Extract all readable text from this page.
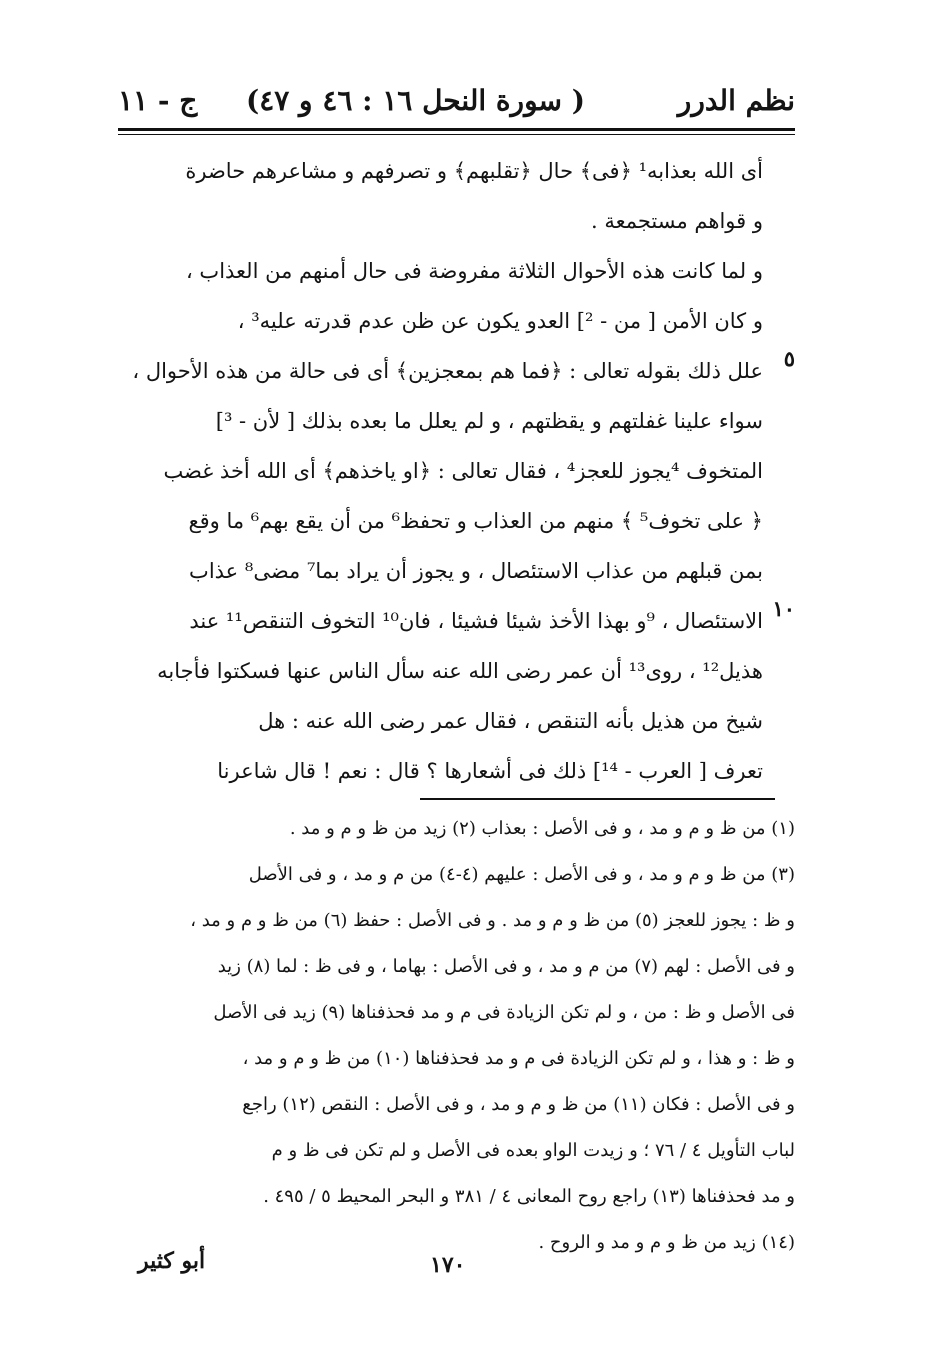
نظم الدرر
( سورة النحل ١٦ : ٤٦ و ٤٧)
ج - ١١
أى الله بعذابه¹ ﴿فى﴾ حال ﴿تقلبهم﴾ و تصرفهم و مشاعرهم حاضرة
و قواهم مستجمعة .
و لما كانت هذه الأحوال الثلاثة مفروضة فى حال أمنهم من العذاب ،
و كان الأمن [ من - ²] العدو يكون عن ظن عدم قدرته عليه³ ،
علل ذلك بقوله تعالى : ﴿فما هم بمعجزين﴾ أى فى حالة من هذه الأحوال ،
سواء علينا غفلتهم و يقظتهم ، و لم يعلل ما بعده بذلك [ لأن - ³]
المتخوف ⁴يجوز للعجز⁴ ، فقال تعالى : ﴿او ياخذهم﴾ أى الله أخذ غضب
﴿ على تخوف⁵ ﴾ منهم من العذاب و تحفظ⁶ من أن يقع بهم⁶ ما وقع
بمن قبلهم من عذاب الاستئصال ، و يجوز أن يراد بما⁷ مضى⁸ عذاب
الاستئصال ، ⁹و بهذا الأخذ شيئا فشيئا ، فان¹⁰ التخوف التنقص¹¹ عند
هذيل¹² ، روى¹³ أن عمر رضى الله عنه سأل الناس عنها فسكتوا فأجابه
شيخ من هذيل بأنه التنقص ، فقال عمر رضى الله عنه : هل
تعرف [ العرب - ¹⁴] ذلك فى أشعارها ؟ قال : نعم ! قال شاعرنا
٥
١٠
(١) من ظ و م و مد ، و فى الأصل : بعذاب (٢) زيد من ظ و م و مد .
(٣) من ظ و م و مد ، و فى الأصل : عليهم (٤-٤) من م و مد ، و فى الأصل
و ظ : يجوز للعجز (٥) من ظ و م و مد . و فى الأصل : حفظ (٦) من ظ و م و مد ،
و فى الأصل : لهم (٧) من م و مد ، و فى الأصل : بهاما ، و فى ظ : لما (٨) زيد
فى الأصل و ظ : من ، و لم تكن الزيادة فى م و مد فحذفناها (٩) زيد فى الأصل
و ظ : و هذا ، و لم تكن الزيادة فى م و مد فحذفناها (١٠) من ظ و م و مد ،
و فى الأصل : فكان (١١) من ظ و م و مد ، و فى الأصل : النقص (١٢) راجع
لباب التأويل ٤ / ٧٦ ؛ و زيدت الواو بعده فى الأصل و لم تكن فى ظ و م
و مد فحذفناها (١٣) راجع روح المعانى ٤ / ٣٨١ و البحر المحيط ٥ / ٤٩٥ .
(١٤) زيد من ظ و م و مد و الروح .
١٧٠
أبو كثير
